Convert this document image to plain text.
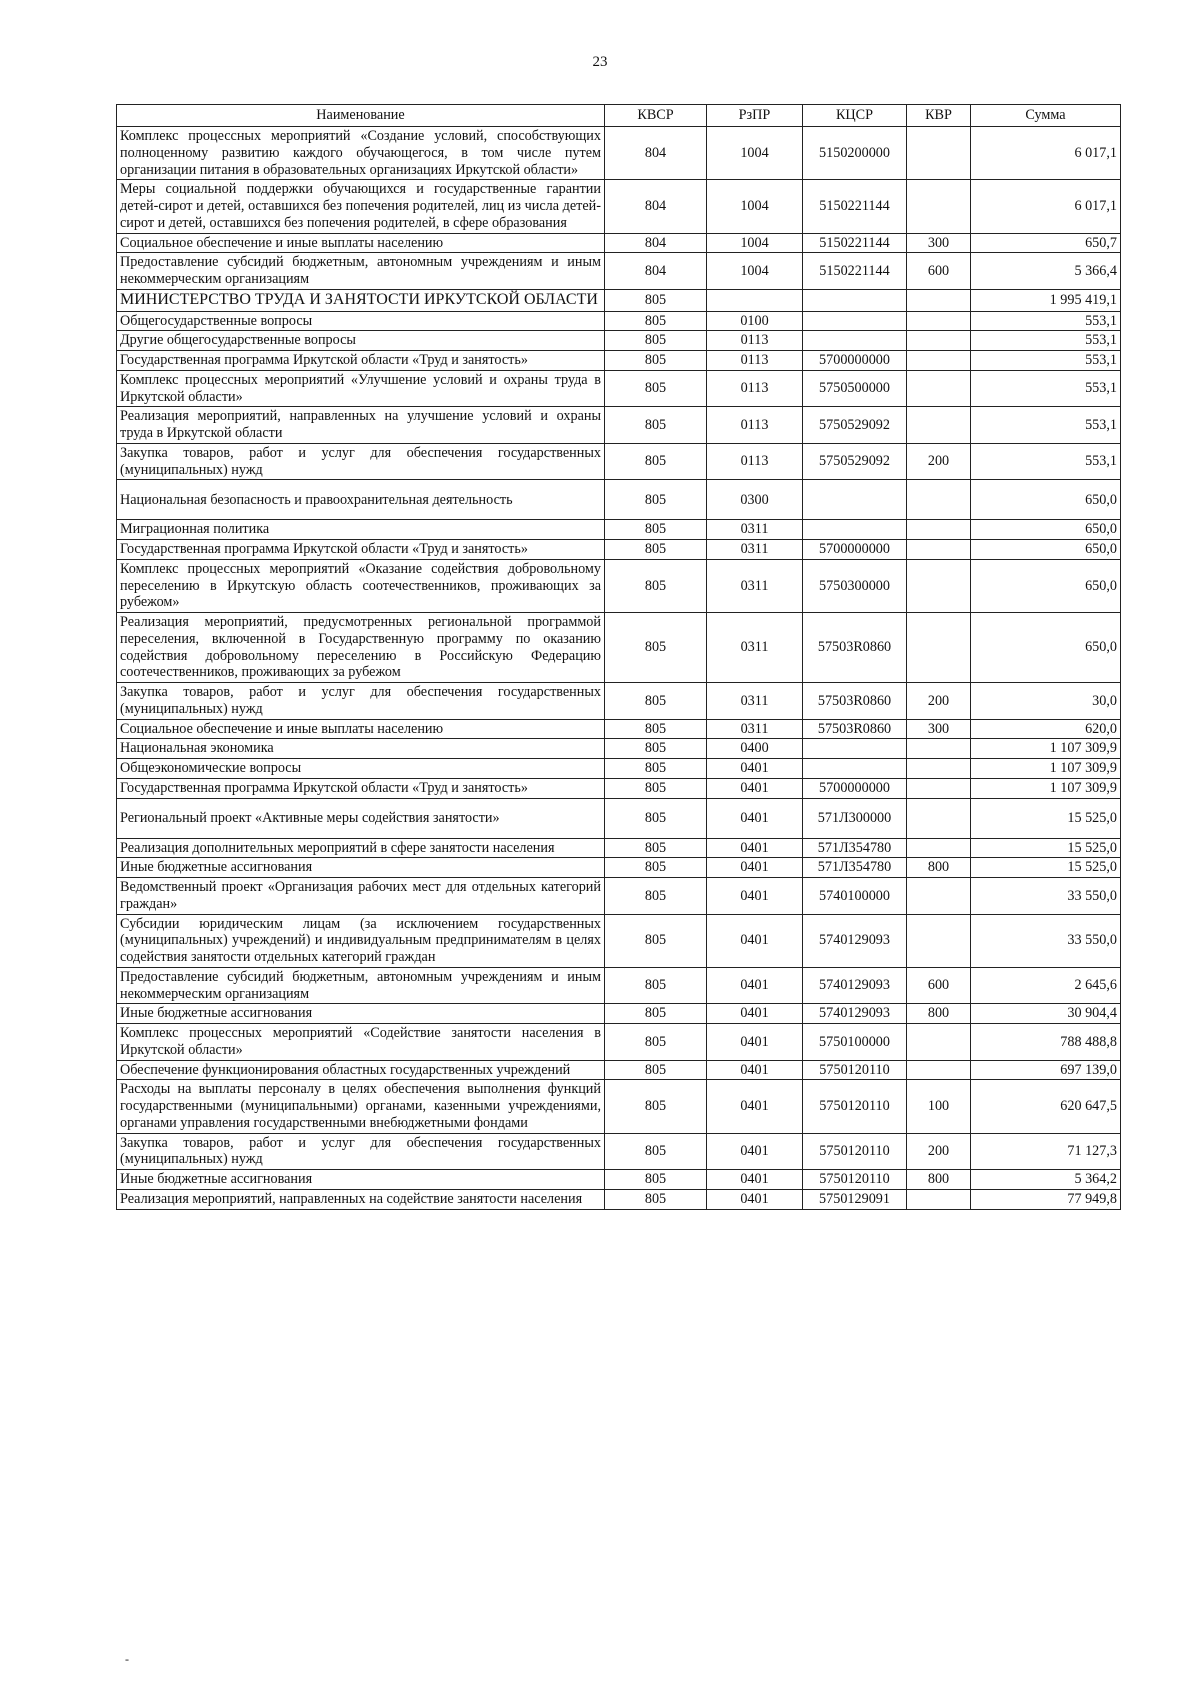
23
Наименование	КВСР	РзПР	КЦСР	КВР	Сумма
Комплекс процессных мероприятий «Создание условий, способствующих полноценному развитию каждого обучающегося, в том числе путем организации питания в образовательных организациях Иркутской области»	804	1004	5150200000		6 017,1
Меры социальной поддержки обучающихся и государственные гарантии детей-сирот и детей, оставшихся без попечения родителей, лиц из числа детей-сирот и детей, оставшихся без попечения родителей, в сфере образования	804	1004	5150221144		6 017,1
Социальное обеспечение и иные выплаты населению	804	1004	5150221144	300	650,7
Предоставление субсидий бюджетным, автономным учреждениям и иным некоммерческим организациям	804	1004	5150221144	600	5 366,4
МИНИСТЕРСТВО ТРУДА И ЗАНЯТОСТИ ИРКУТСКОЙ ОБЛАСТИ	805				1 995 419,1
Общегосударственные вопросы	805	0100			553,1
Другие общегосударственные вопросы	805	0113			553,1
Государственная программа Иркутской области «Труд и занятость»	805	0113	5700000000		553,1
Комплекс процессных мероприятий «Улучшение условий и охраны труда в Иркутской области»	805	0113	5750500000		553,1
Реализация мероприятий, направленных на улучшение условий и охраны труда в Иркутской области	805	0113	5750529092		553,1
Закупка товаров, работ и услуг для обеспечения государственных (муниципальных) нужд	805	0113	5750529092	200	553,1
Национальная безопасность и правоохранительная деятельность	805	0300			650,0
Миграционная политика	805	0311			650,0
Государственная программа Иркутской области «Труд и занятость»	805	0311	5700000000		650,0
Комплекс процессных мероприятий «Оказание содействия добровольному переселению в Иркутскую область соотечественников, проживающих за рубежом»	805	0311	5750300000		650,0
Реализация мероприятий, предусмотренных региональной программой переселения, включенной в Государственную программу по оказанию содействия добровольному переселению в Российскую Федерацию соотечественников, проживающих за рубежом	805	0311	57503R0860		650,0
Закупка товаров, работ и услуг для обеспечения государственных (муниципальных) нужд	805	0311	57503R0860	200	30,0
Социальное обеспечение и иные выплаты населению	805	0311	57503R0860	300	620,0
Национальная экономика	805	0400			1 107 309,9
Общеэкономические вопросы	805	0401			1 107 309,9
Государственная программа Иркутской области «Труд и занятость»	805	0401	5700000000		1 107 309,9
Региональный проект «Активные меры содействия занятости»	805	0401	571Л300000		15 525,0
Реализация дополнительных мероприятий в сфере занятости населения	805	0401	571Л354780		15 525,0
Иные бюджетные ассигнования	805	0401	571Л354780	800	15 525,0
Ведомственный проект «Организация рабочих мест для отдельных категорий граждан»	805	0401	5740100000		33 550,0
Субсидии юридическим лицам (за исключением государственных (муниципальных) учреждений) и индивидуальным предпринимателям в целях содействия занятости отдельных категорий граждан	805	0401	5740129093		33 550,0
Предоставление субсидий бюджетным, автономным учреждениям и иным некоммерческим организациям	805	0401	5740129093	600	2 645,6
Иные бюджетные ассигнования	805	0401	5740129093	800	30 904,4
Комплекс процессных мероприятий «Содействие занятости населения в Иркутской области»	805	0401	5750100000		788 488,8
Обеспечение функционирования областных государственных учреждений	805	0401	5750120110		697 139,0
Расходы на выплаты персоналу в целях обеспечения выполнения функций государственными (муниципальными) органами, казенными учреждениями, органами управления государственными внебюджетными фондами	805	0401	5750120110	100	620 647,5
Закупка товаров, работ и услуг для обеспечения государственных (муниципальных) нужд	805	0401	5750120110	200	71 127,3
Иные бюджетные ассигнования	805	0401	5750120110	800	5 364,2
Реализация мероприятий, направленных на содействие занятости населения	805	0401	5750129091		77 949,8
-
